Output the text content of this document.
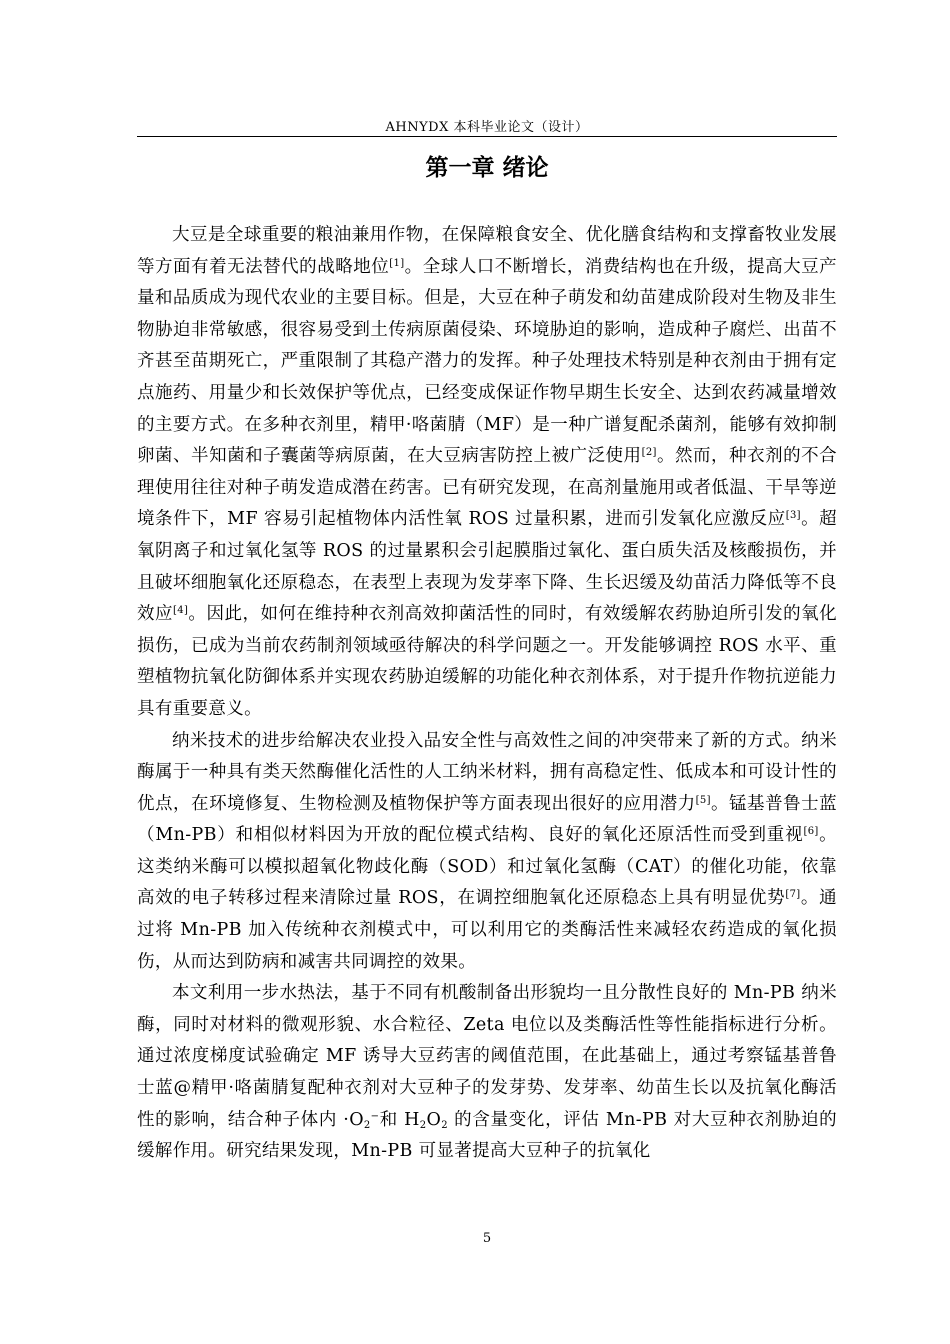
AHNYDX 本科毕业论文（设计）
第一章 绪论

大豆是全球重要的粮油兼用作物，在保障粮食安全、优化膳食结构和支撑畜牧业发展等方面有着无法替代的战略地位[1]。全球人口不断增长，消费结构也在升级，提高大豆产量和品质成为现代农业的主要目标。但是，大豆在种子萌发和幼苗建成阶段对生物及非生物胁迫非常敏感，很容易受到土传病原菌侵染、环境胁迫的影响，造成种子腐烂、出苗不齐甚至苗期死亡，严重限制了其稳产潜力的发挥。种子处理技术特别是种衣剂由于拥有定点施药、用量少和长效保护等优点，已经变成保证作物早期生长安全、达到农药减量增效的主要方式。在多种衣剂里，精甲·咯菌腈（MF）是一种广谱复配杀菌剂，能够有效抑制卵菌、半知菌和子囊菌等病原菌，在大豆病害防控上被广泛使用[2]。然而，种衣剂的不合理使用往往对种子萌发造成潜在药害。已有研究发现，在高剂量施用或者低温、干旱等逆境条件下，MF 容易引起植物体内活性氧 ROS 过量积累，进而引发氧化应激反应[3]。超氧阴离子和过氧化氢等 ROS 的过量累积会引起膜脂过氧化、蛋白质失活及核酸损伤，并且破坏细胞氧化还原稳态，在表型上表现为发芽率下降、生长迟缓及幼苗活力降低等不良效应[4]。因此，如何在维持种衣剂高效抑菌活性的同时，有效缓解农药胁迫所引发的氧化损伤，已成为当前农药制剂领域亟待解决的科学问题之一。开发能够调控 ROS 水平、重塑植物抗氧化防御体系并实现农药胁迫缓解的功能化种衣剂体系，对于提升作物抗逆能力具有重要意义。

纳米技术的进步给解决农业投入品安全性与高效性之间的冲突带来了新的方式。纳米酶属于一种具有类天然酶催化活性的人工纳米材料，拥有高稳定性、低成本和可设计性的优点，在环境修复、生物检测及植物保护等方面表现出很好的应用潜力[5]。锰基普鲁士蓝（Mn-PB）和相似材料因为开放的配位模式结构、良好的氧化还原活性而受到重视[6]。这类纳米酶可以模拟超氧化物歧化酶（SOD）和过氧化氢酶（CAT）的催化功能，依靠高效的电子转移过程来清除过量 ROS，在调控细胞氧化还原稳态上具有明显优势[7]。通过将 Mn-PB 加入传统种衣剂模式中，可以利用它的类酶活性来减轻农药造成的氧化损伤，从而达到防病和减害共同调控的效果。

本文利用一步水热法，基于不同有机酸制备出形貌均一且分散性良好的 Mn-PB 纳米酶，同时对材料的微观形貌、水合粒径、Zeta 电位以及类酶活性等性能指标进行分析。通过浓度梯度试验确定 MF 诱导大豆药害的阈值范围，在此基础上，通过考察锰基普鲁士蓝@精甲·咯菌腈复配种衣剂对大豆种子的发芽势、发芽率、幼苗生长以及抗氧化酶活性的影响，结合种子体内 $\cdot O_2^-$和 $H_2O_2$ 的含量变化，评估 Mn-PB 对大豆种衣剂胁迫的缓解作用。研究结果发现，Mn-PB 可显著提高大豆种子的抗氧化

5
